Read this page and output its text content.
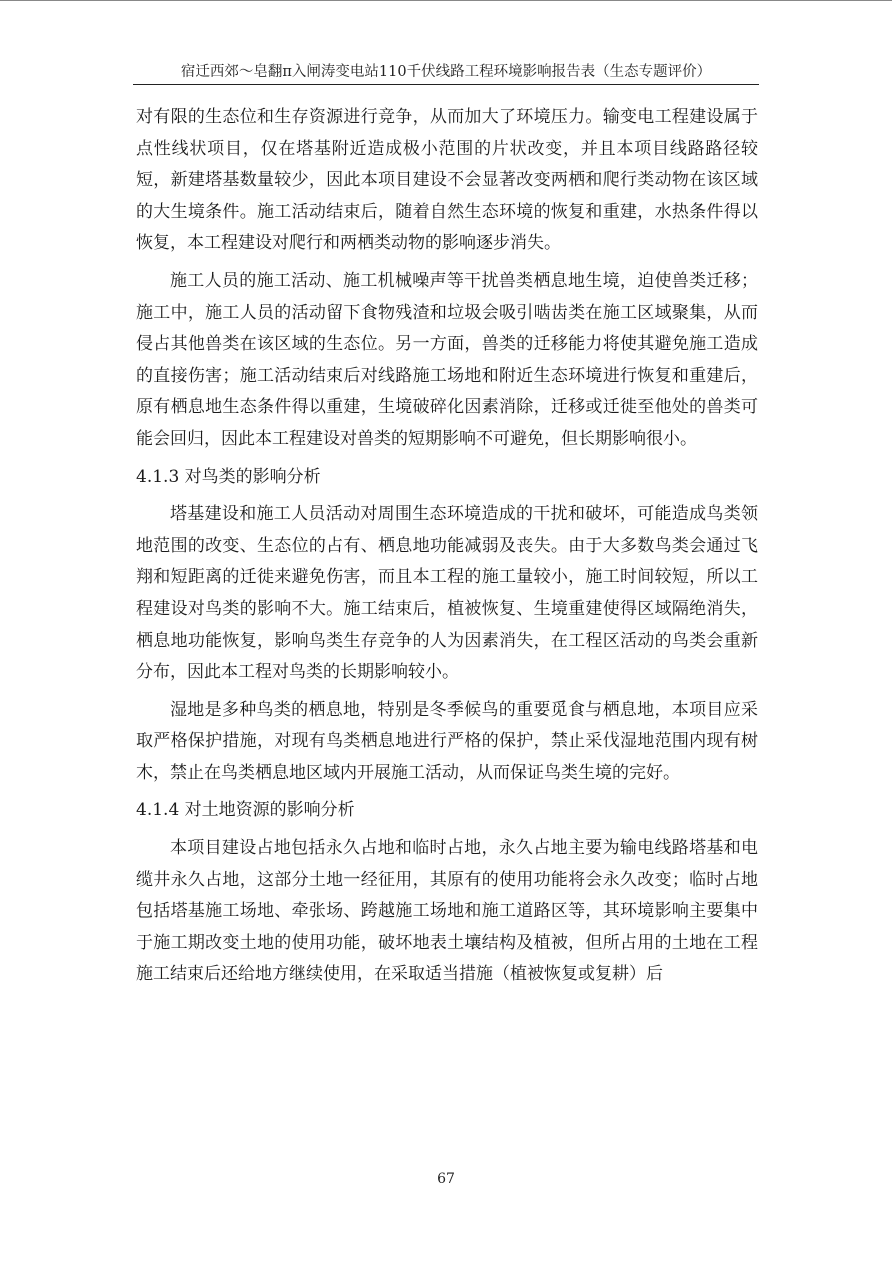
宿迁西郊～皂翻π入闸涛变电站110千伏线路工程环境影响报告表（生态专题评价）

对有限的生态位和生存资源进行竞争，从而加大了环境压力。输变电工程建设属于点性线状项目，仅在塔基附近造成极小范围的片状改变，并且本项目线路路径较短，新建塔基数量较少，因此本项目建设不会显著改变两栖和爬行类动物在该区域的大生境条件。施工活动结束后，随着自然生态环境的恢复和重建，水热条件得以恢复，本工程建设对爬行和两栖类动物的影响逐步消失。

施工人员的施工活动、施工机械噪声等干扰兽类栖息地生境，迫使兽类迁移；施工中，施工人员的活动留下食物残渣和垃圾会吸引啮齿类在施工区域聚集，从而侵占其他兽类在该区域的生态位。另一方面，兽类的迁移能力将使其避免施工造成的直接伤害；施工活动结束后对线路施工场地和附近生态环境进行恢复和重建后，原有栖息地生态条件得以重建，生境破碎化因素消除，迁移或迁徙至他处的兽类可能会回归，因此本工程建设对兽类的短期影响不可避免，但长期影响很小。

4.1.3 对鸟类的影响分析

塔基建设和施工人员活动对周围生态环境造成的干扰和破坏，可能造成鸟类领地范围的改变、生态位的占有、栖息地功能减弱及丧失。由于大多数鸟类会通过飞翔和短距离的迁徙来避免伤害，而且本工程的施工量较小，施工时间较短，所以工程建设对鸟类的影响不大。施工结束后，植被恢复、生境重建使得区域隔绝消失，栖息地功能恢复，影响鸟类生存竞争的人为因素消失，在工程区活动的鸟类会重新分布，因此本工程对鸟类的长期影响较小。

湿地是多种鸟类的栖息地，特别是冬季候鸟的重要觅食与栖息地，本项目应采取严格保护措施，对现有鸟类栖息地进行严格的保护，禁止采伐湿地范围内现有树木，禁止在鸟类栖息地区域内开展施工活动，从而保证鸟类生境的完好。

4.1.4 对土地资源的影响分析

本项目建设占地包括永久占地和临时占地，永久占地主要为输电线路塔基和电缆井永久占地，这部分土地一经征用，其原有的使用功能将会永久改变；临时占地包括塔基施工场地、牵张场、跨越施工场地和施工道路区等，其环境影响主要集中于施工期改变土地的使用功能，破坏地表土壤结构及植被，但所占用的土地在工程施工结束后还给地方继续使用，在采取适当措施（植被恢复或复耕）后

67
